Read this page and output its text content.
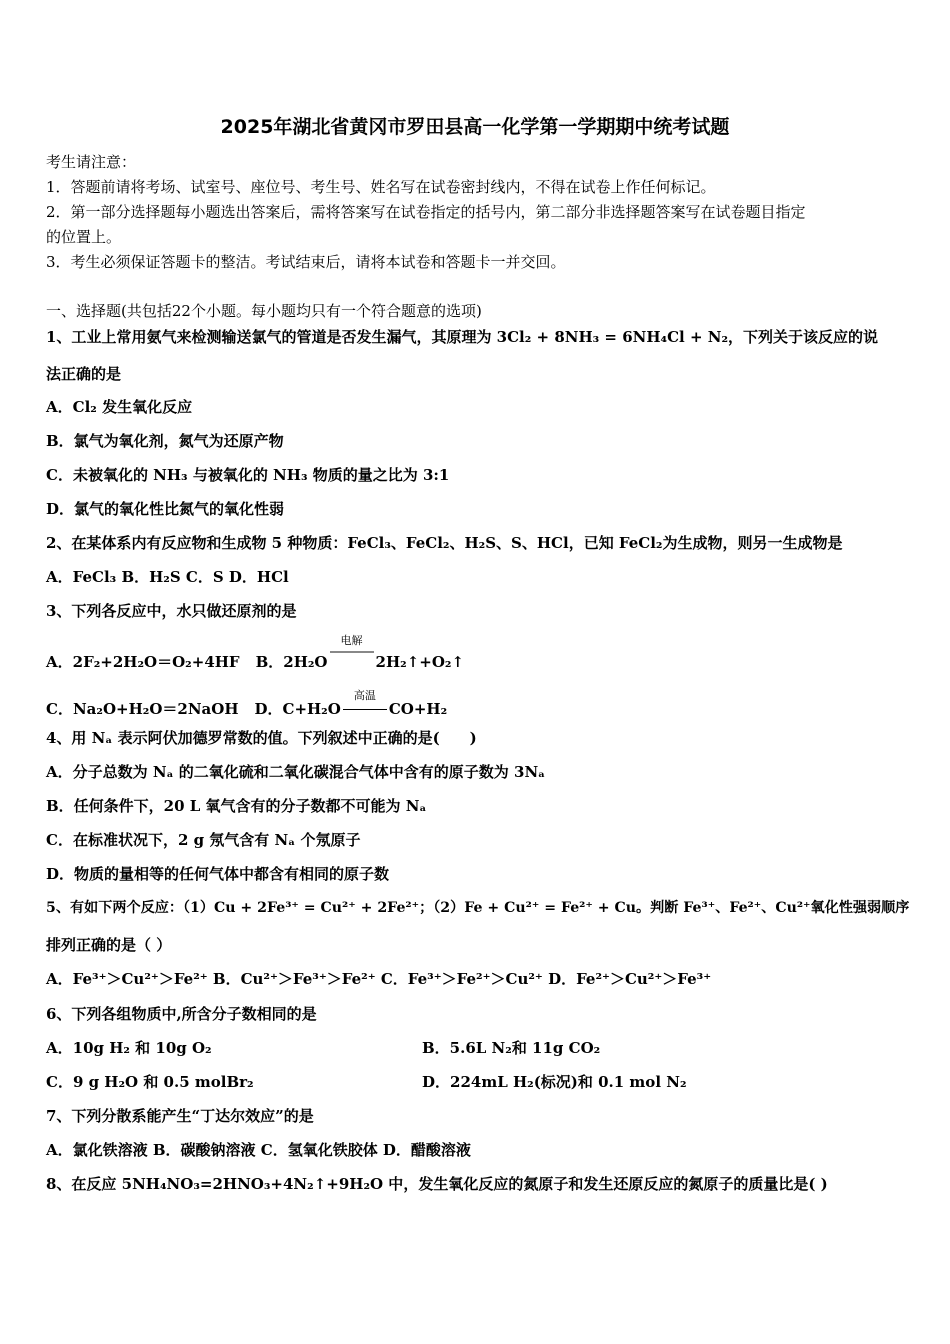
2025年湖北省黄冈市罗田县高一化学第一学期期中统考试题
考生请注意：
1．答题前请将考场、试室号、座位号、考生号、姓名写在试卷密封线内，不得在试卷上作任何标记。
2．第一部分选择题每小题选出答案后，需将答案写在试卷指定的括号内，第二部分非选择题答案写在试卷题目指定
的位置上。
3．考生必须保证答题卡的整洁。考试结束后，请将本试卷和答题卡一并交回。
一、选择题(共包括22个小题。每小题均只有一个符合题意的选项)
1、工业上常用氨气来检测输送氯气的管道是否发生漏气，其原理为 3Cl₂ + 8NH₃ = 6NH₄Cl + N₂，下列关于该反应的说
法正确的是
A．Cl₂ 发生氧化反应
B．氯气为氧化剂，氮气为还原产物
C．未被氧化的 NH₃ 与被氧化的 NH₃ 物质的量之比为 3:1
D．氯气的氧化性比氮气的氧化性弱
2、在某体系内有反应物和生成物 5 种物质：FeCl₃、FeCl₂、H₂S、S、HCl，已知 FeCl₂为生成物，则另一生成物是
A．FeCl₃ B．H₂S C．S D．HCl
3、下列各反应中，水只做还原剂的是
A．2F₂+2H₂O＝O₂+4HF B．2H₂O
电解
2H₂↑+O₂↑
C．Na₂O+H₂O＝2NaOH D．C+H₂O
高温
CO+H₂
4、用 Nₐ 表示阿伏加德罗常数的值。下列叙述中正确的是(　　)
A．分子总数为 Nₐ 的二氧化硫和二氧化碳混合气体中含有的原子数为 3Nₐ
B．任何条件下，20 L 氧气含有的分子数都不可能为 Nₐ
C．在标准状况下，2 g 氖气含有 Nₐ 个氖原子
D．物质的量相等的任何气体中都含有相同的原子数
5、有如下两个反应：（1）Cu + 2Fe³⁺ = Cu²⁺ + 2Fe²⁺；（2）Fe + Cu²⁺ = Fe²⁺ + Cu。判断 Fe³⁺、Fe²⁺、Cu²⁺氧化性强弱顺序
排列正确的是（ ）
A．Fe³⁺＞Cu²⁺＞Fe²⁺ B．Cu²⁺＞Fe³⁺＞Fe²⁺ C．Fe³⁺＞Fe²⁺＞Cu²⁺ D．Fe²⁺＞Cu²⁺＞Fe³⁺
6、下列各组物质中,所含分子数相同的是
A．10g H₂ 和 10g O₂	B．5.6L N₂和 11g CO₂
C．9 g H₂O 和 0.5 molBr₂	D．224mL H₂(标况)和 0.1 mol N₂
7、下列分散系能产生“丁达尔效应”的是
A．氯化铁溶液 B．碳酸钠溶液 C．氢氧化铁胶体 D．醋酸溶液
8、在反应 5NH₄NO₃=2HNO₃+4N₂↑+9H₂O 中，发生氧化反应的氮原子和发生还原反应的氮原子的质量比是( )
